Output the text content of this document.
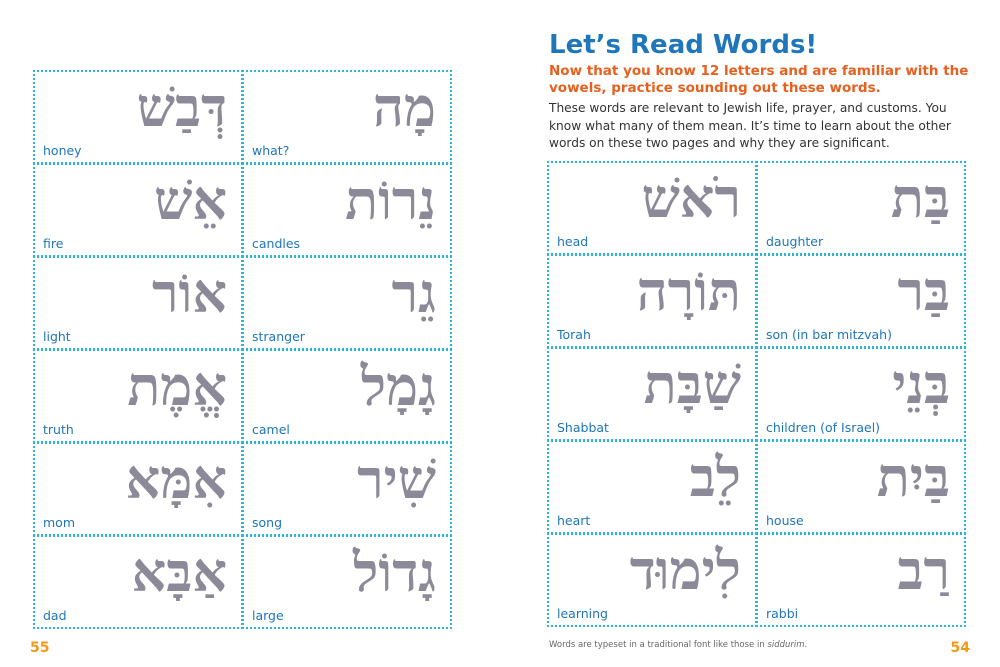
דְּבַשׁ
honey
מָה
what?
אֵשׁ
fire
נֵרוֹת
candles
אוֹר
light
גֵר
stranger
אֱמֶת
truth
גָמָל
camel
אִמָּא
mom
שִׁיר
song
אַבָּא
dad
גָדוֹל
large
55
Let’s Read Words!

Now that you know 12 letters and are familiar with the vowels, practice sounding out these words.

These words are relevant to Jewish life, prayer, and customs. You know what many of them mean. It’s time to learn about the other words on these two pages and why they are significant.

רֹאשׁ
head
בַּת
daughter
תּוֹרָה
Torah
בַּר
son (in bar mitzvah)
שַׁבָּת
Shabbat
בְּנֵי
children (of Israel)
לֵב
heart
בַּיִת
house
לִימוּד
learning
רַב
rabbi
Words are typeset in a traditional font like those in siddurim.	54
